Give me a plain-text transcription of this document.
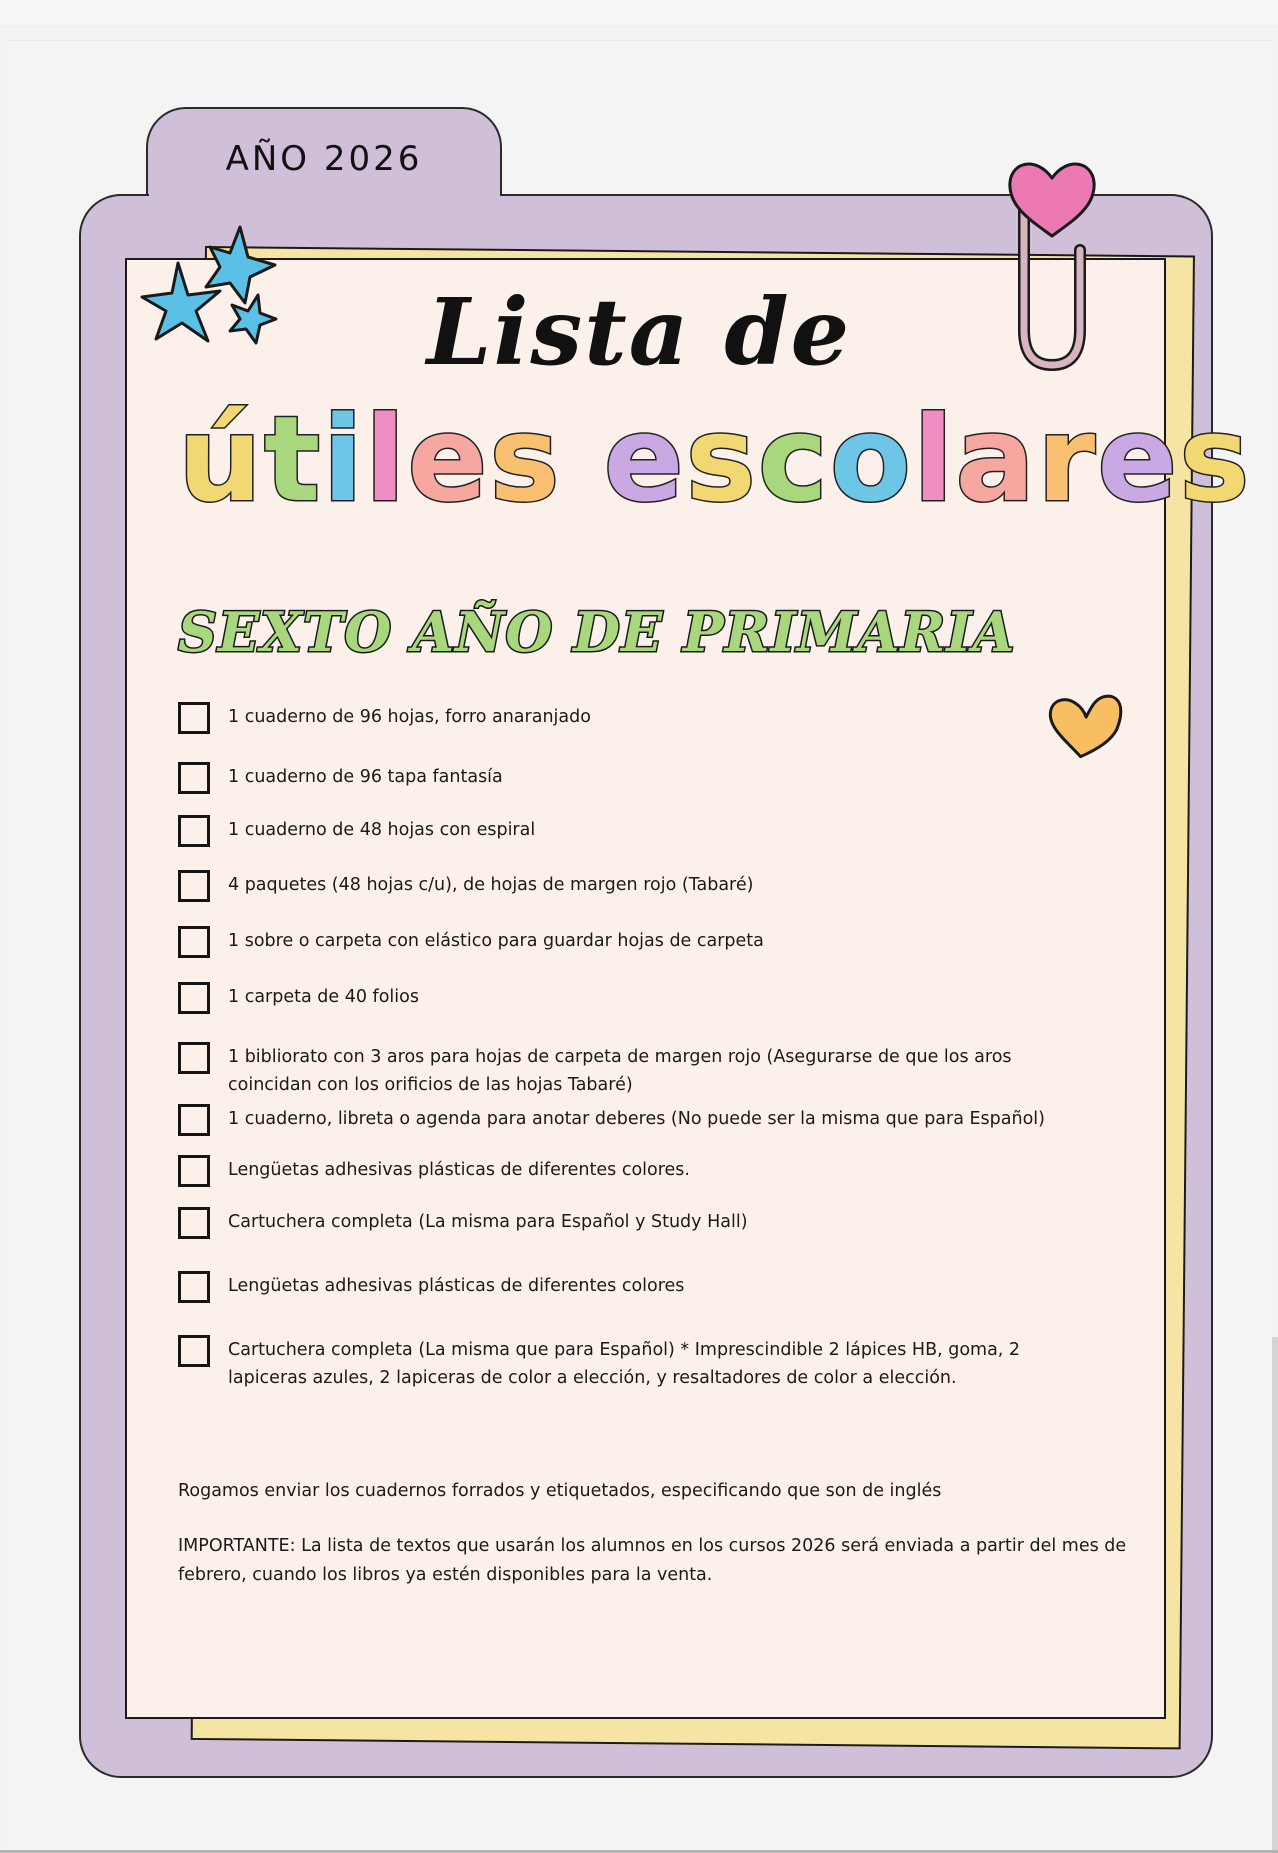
AÑO 2026
Lista de
útiles escolares
SEXTO AÑO DE PRIMARIA
1 cuaderno de 96 hojas, forro anaranjado
1 cuaderno de 96 tapa fantasía
1 cuaderno de 48 hojas con espiral
4 paquetes (48 hojas c/u), de hojas de margen rojo (Tabaré)
1 sobre o carpeta con elástico para guardar hojas de carpeta
1 carpeta de 40 folios
1 biblioratо con 3 aros para hojas de carpeta de margen rojo (Asegurarse de que los aros coincidan con los orificios de las hojas Tabaré)
1 cuaderno, libreta o agenda para anotar deberes (No puede ser la misma que para Español)
Lengüetas adhesivas plásticas de diferentes colores.
Cartuchera completa (La misma para Español y Study Hall)
Lengüetas adhesivas plásticas de diferentes colores
Cartuchera completa (La misma que para Español) * Imprescindible 2 lápices HB, goma, 2 lapiceras azules, 2 lapiceras de color a elección, y resaltadores de color a elección.
Rogamos enviar los cuadernos forrados y etiquetados, especificando que son de inglés
IMPORTANTE: La lista de textos que usarán los alumnos en los cursos 2026 será enviada a partir del mes de febrero, cuando los libros ya estén disponibles para la venta.
